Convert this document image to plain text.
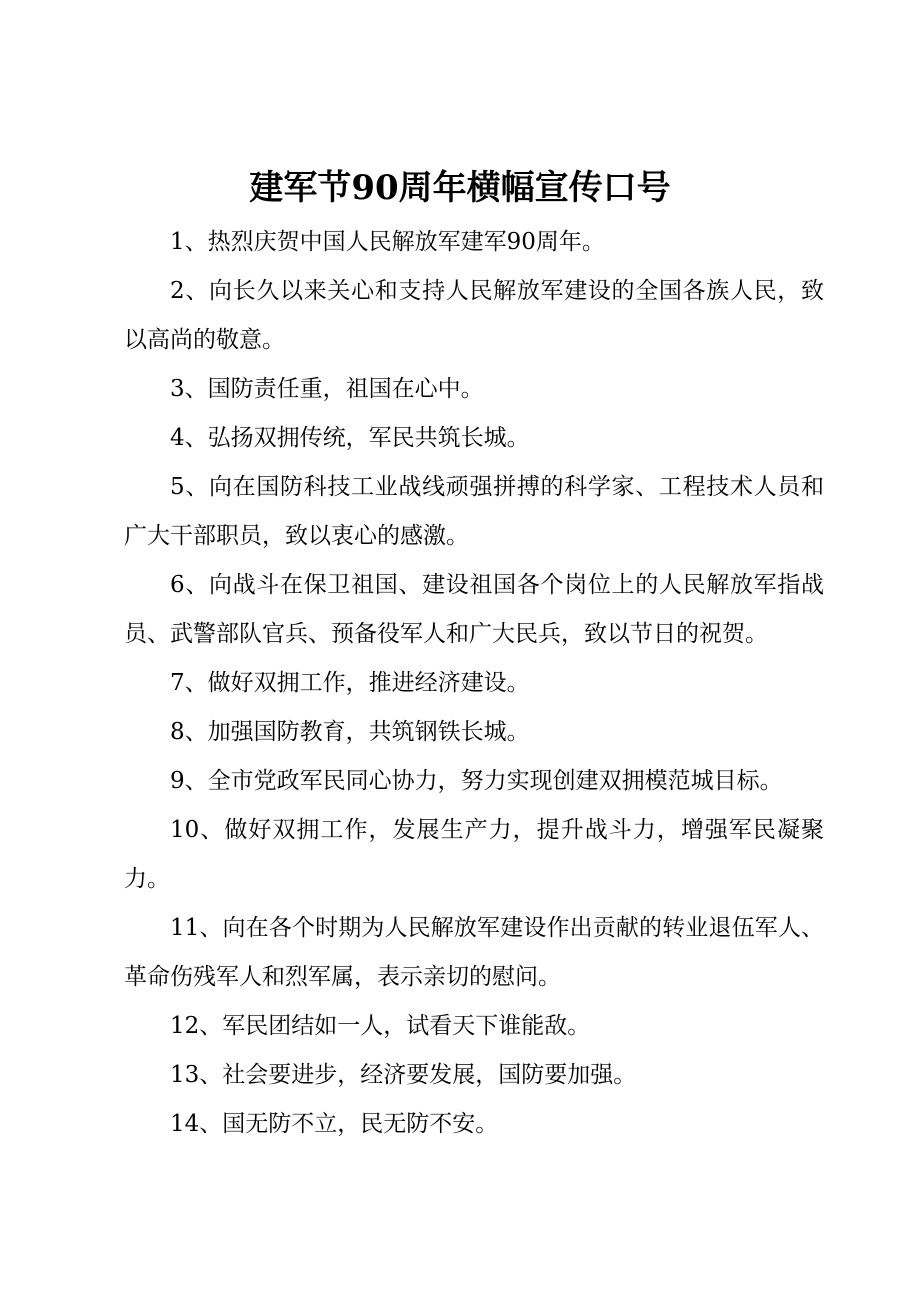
建军节90周年横幅宣传口号

1、热烈庆贺中国人民解放军建军90周年。

2、向长久以来关心和支持人民解放军建设的全国各族人民，致以高尚的敬意。

3、国防责任重，祖国在心中。

4、弘扬双拥传统，军民共筑长城。

5、向在国防科技工业战线顽强拼搏的科学家、工程技术人员和广大干部职员，致以衷心的感激。

6、向战斗在保卫祖国、建设祖国各个岗位上的人民解放军指战员、武警部队官兵、预备役军人和广大民兵，致以节日的祝贺。

7、做好双拥工作，推进经济建设。

8、加强国防教育，共筑钢铁长城。

9、全市党政军民同心协力，努力实现创建双拥模范城目标。

10、做好双拥工作，发展生产力，提升战斗力，增强军民凝聚力。

11、向在各个时期为人民解放军建设作出贡献的转业退伍军人、革命伤残军人和烈军属，表示亲切的慰问。

12、军民团结如一人，试看天下谁能敌。

13、社会要进步，经济要发展，国防要加强。

14、国无防不立，民无防不安。
